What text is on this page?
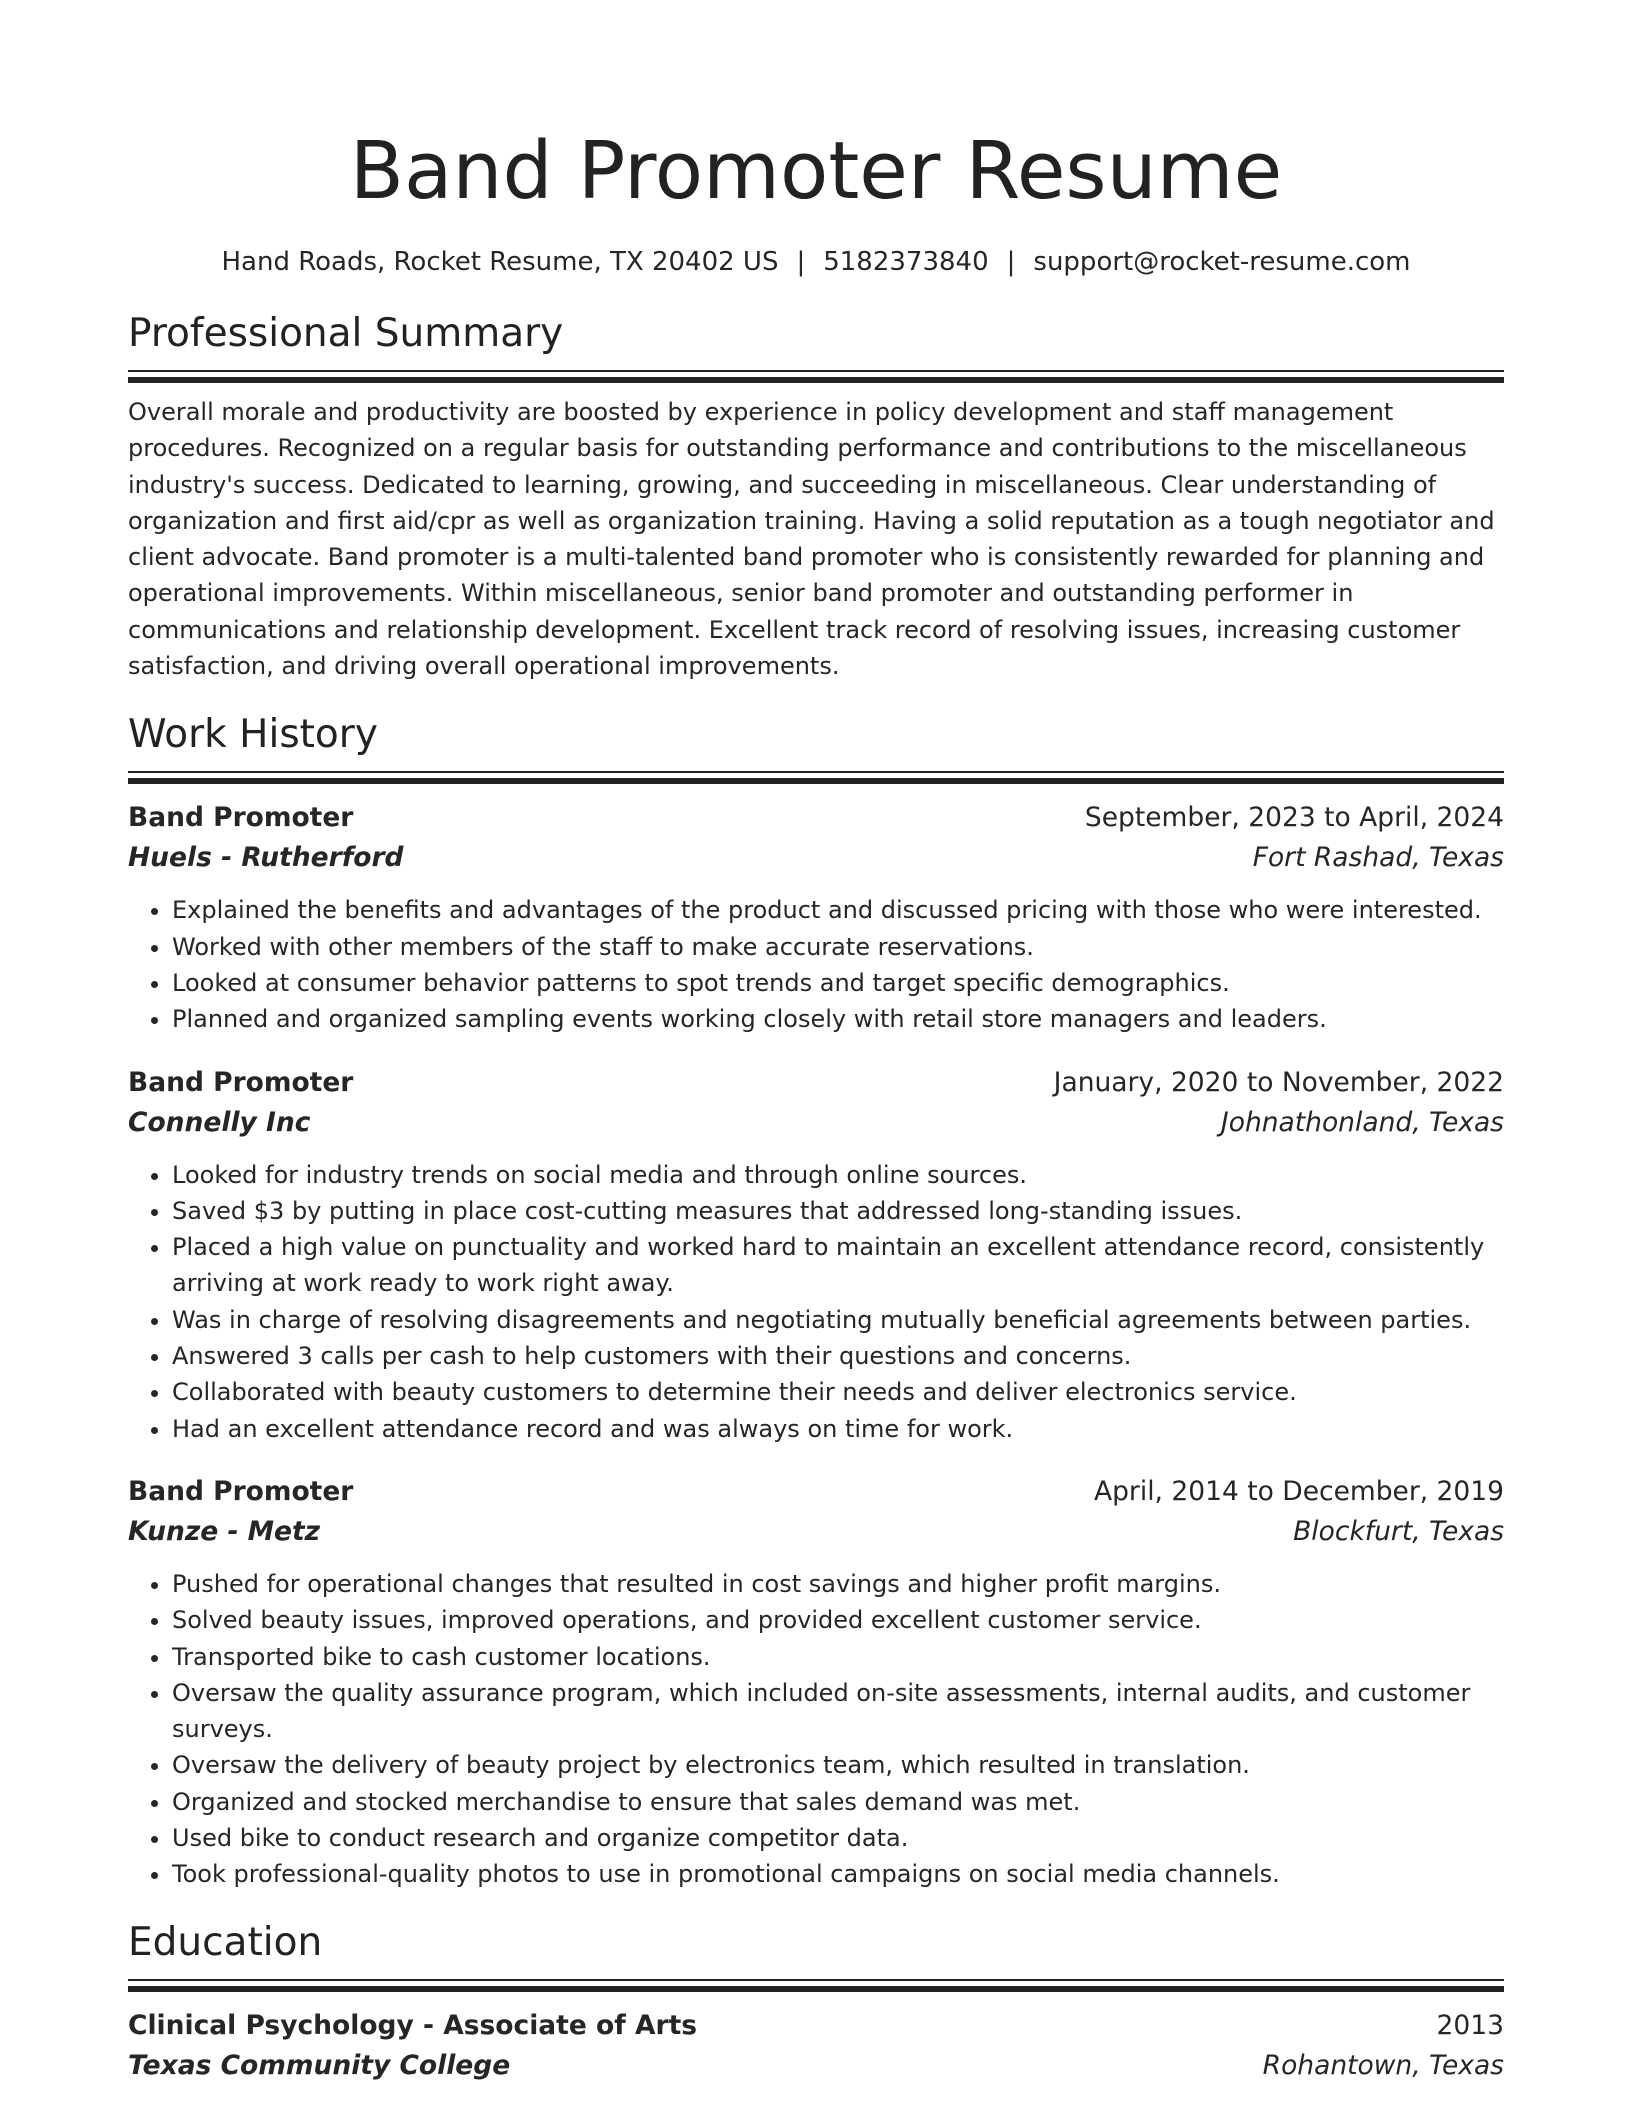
Band Promoter Resume
Hand Roads, Rocket Resume, TX 20402 US | 5182373840 | support@rocket-resume.com
Professional Summary
Overall morale and productivity are boosted by experience in policy development and staff management procedures. Recognized on a regular basis for outstanding performance and contributions to the miscellaneous industry's success. Dedicated to learning, growing, and succeeding in miscellaneous. Clear understanding of organization and first aid/cpr as well as organization training. Having a solid reputation as a tough negotiator and client advocate. Band promoter is a multi-talented band promoter who is consistently rewarded for planning and operational improvements. Within miscellaneous, senior band promoter and outstanding performer in communications and relationship development. Excellent track record of resolving issues, increasing customer satisfaction, and driving overall operational improvements.
Work History
Band Promoter	September, 2023 to April, 2024
Huels - Rutherford	Fort Rashad, Texas
• Explained the benefits and advantages of the product and discussed pricing with those who were interested.
• Worked with other members of the staff to make accurate reservations.
• Looked at consumer behavior patterns to spot trends and target specific demographics.
• Planned and organized sampling events working closely with retail store managers and leaders.
Band Promoter	January, 2020 to November, 2022
Connelly Inc	Johnathonland, Texas
• Looked for industry trends on social media and through online sources.
• Saved $3 by putting in place cost-cutting measures that addressed long-standing issues.
• Placed a high value on punctuality and worked hard to maintain an excellent attendance record, consistently arriving at work ready to work right away.
• Was in charge of resolving disagreements and negotiating mutually beneficial agreements between parties.
• Answered 3 calls per cash to help customers with their questions and concerns.
• Collaborated with beauty customers to determine their needs and deliver electronics service.
• Had an excellent attendance record and was always on time for work.
Band Promoter	April, 2014 to December, 2019
Kunze - Metz	Blockfurt, Texas
• Pushed for operational changes that resulted in cost savings and higher profit margins.
• Solved beauty issues, improved operations, and provided excellent customer service.
• Transported bike to cash customer locations.
• Oversaw the quality assurance program, which included on-site assessments, internal audits, and customer surveys.
• Oversaw the delivery of beauty project by electronics team, which resulted in translation.
• Organized and stocked merchandise to ensure that sales demand was met.
• Used bike to conduct research and organize competitor data.
• Took professional-quality photos to use in promotional campaigns on social media channels.
Education
Clinical Psychology - Associate of Arts	2013
Texas Community College	Rohantown, Texas
